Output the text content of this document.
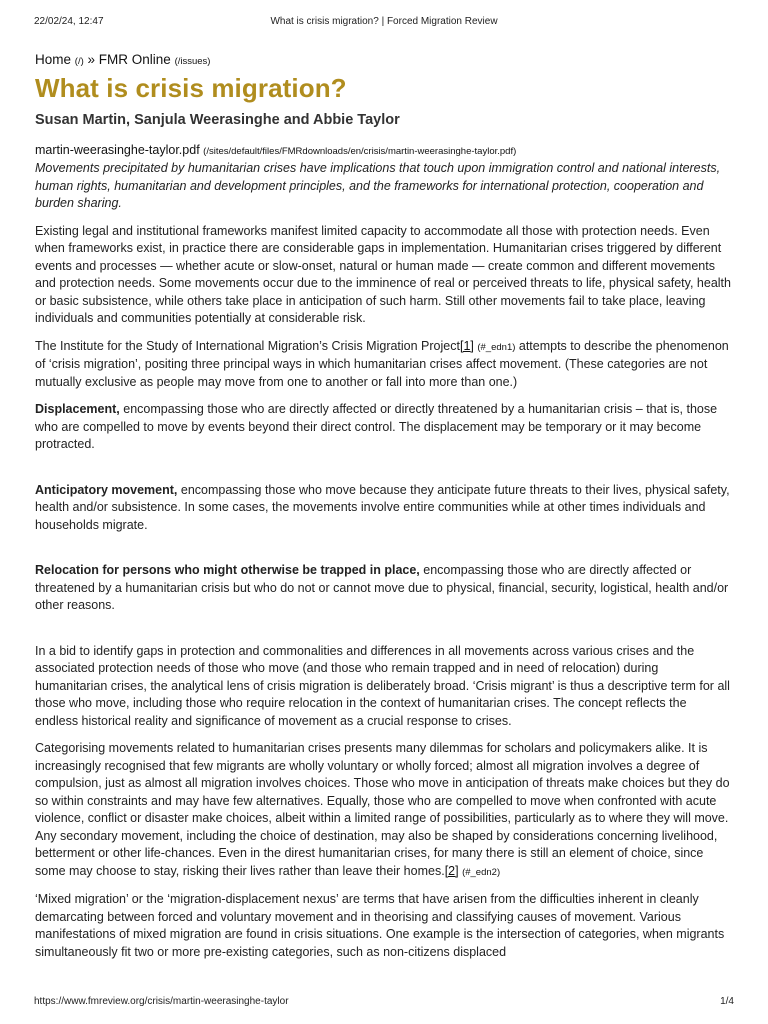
22/02/24, 12:47	What is crisis migration? | Forced Migration Review
Home (/) » FMR Online (/issues)
What is crisis migration?
Susan Martin, Sanjula Weerasinghe and Abbie Taylor
martin-weerasinghe-taylor.pdf (/sites/default/files/FMRdownloads/en/crisis/martin-weerasinghe-taylor.pdf)

Movements precipitated by humanitarian crises have implications that touch upon immigration control and national interests, human rights, humanitarian and development principles, and the frameworks for international protection, cooperation and burden sharing.

Existing legal and institutional frameworks manifest limited capacity to accommodate all those with protection needs. Even when frameworks exist, in practice there are considerable gaps in implementation. Humanitarian crises triggered by different events and processes — whether acute or slow-onset, natural or human made — create common and different movements and protection needs. Some movements occur due to the imminence of real or perceived threats to life, physical safety, health or basic subsistence, while others take place in anticipation of such harm. Still other movements fail to take place, leaving individuals and communities potentially at considerable risk.

The Institute for the Study of International Migration’s Crisis Migration Project[1] (#_edn1) attempts to describe the phenomenon of ‘crisis migration’, positing three principal ways in which humanitarian crises affect movement. (These categories are not mutually exclusive as people may move from one to another or fall into more than one.)

Displacement, encompassing those who are directly affected or directly threatened by a humanitarian crisis – that is, those who are compelled to move by events beyond their direct control. The displacement may be temporary or it may become protracted.

Anticipatory movement, encompassing those who move because they anticipate future threats to their lives, physical safety, health and/or subsistence. In some cases, the movements involve entire communities while at other times individuals and households migrate.

Relocation for persons who might otherwise be trapped in place, encompassing those who are directly affected or threatened by a humanitarian crisis but who do not or cannot move due to physical, financial, security, logistical, health and/or other reasons.

In a bid to identify gaps in protection and commonalities and differences in all movements across various crises and the associated protection needs of those who move (and those who remain trapped and in need of relocation) during humanitarian crises, the analytical lens of crisis migration is deliberately broad. ‘Crisis migrant’ is thus a descriptive term for all those who move, including those who require relocation in the context of humanitarian crises. The concept reflects the endless historical reality and significance of movement as a crucial response to crises.

Categorising movements related to humanitarian crises presents many dilemmas for scholars and policymakers alike. It is increasingly recognised that few migrants are wholly voluntary or wholly forced; almost all migration involves a degree of compulsion, just as almost all migration involves choices. Those who move in anticipation of threats make choices but they do so within constraints and may have few alternatives. Equally, those who are compelled to move when confronted with acute violence, conflict or disaster make choices, albeit within a limited range of possibilities, particularly as to where they will move. Any secondary movement, including the choice of destination, may also be shaped by considerations concerning livelihood, betterment or other life-chances. Even in the direst humanitarian crises, for many there is still an element of choice, since some may choose to stay, risking their lives rather than leave their homes.[2] (#_edn2)

‘Mixed migration’ or the ‘migration-displacement nexus’ are terms that have arisen from the difficulties inherent in cleanly demarcating between forced and voluntary movement and in theorising and classifying causes of movement. Various manifestations of mixed migration are found in crisis situations. One example is the intersection of categories, when migrants simultaneously fit two or more pre-existing categories, such as non-citizens displaced

https://www.fmreview.org/crisis/martin-weerasinghe-taylor	1/4
